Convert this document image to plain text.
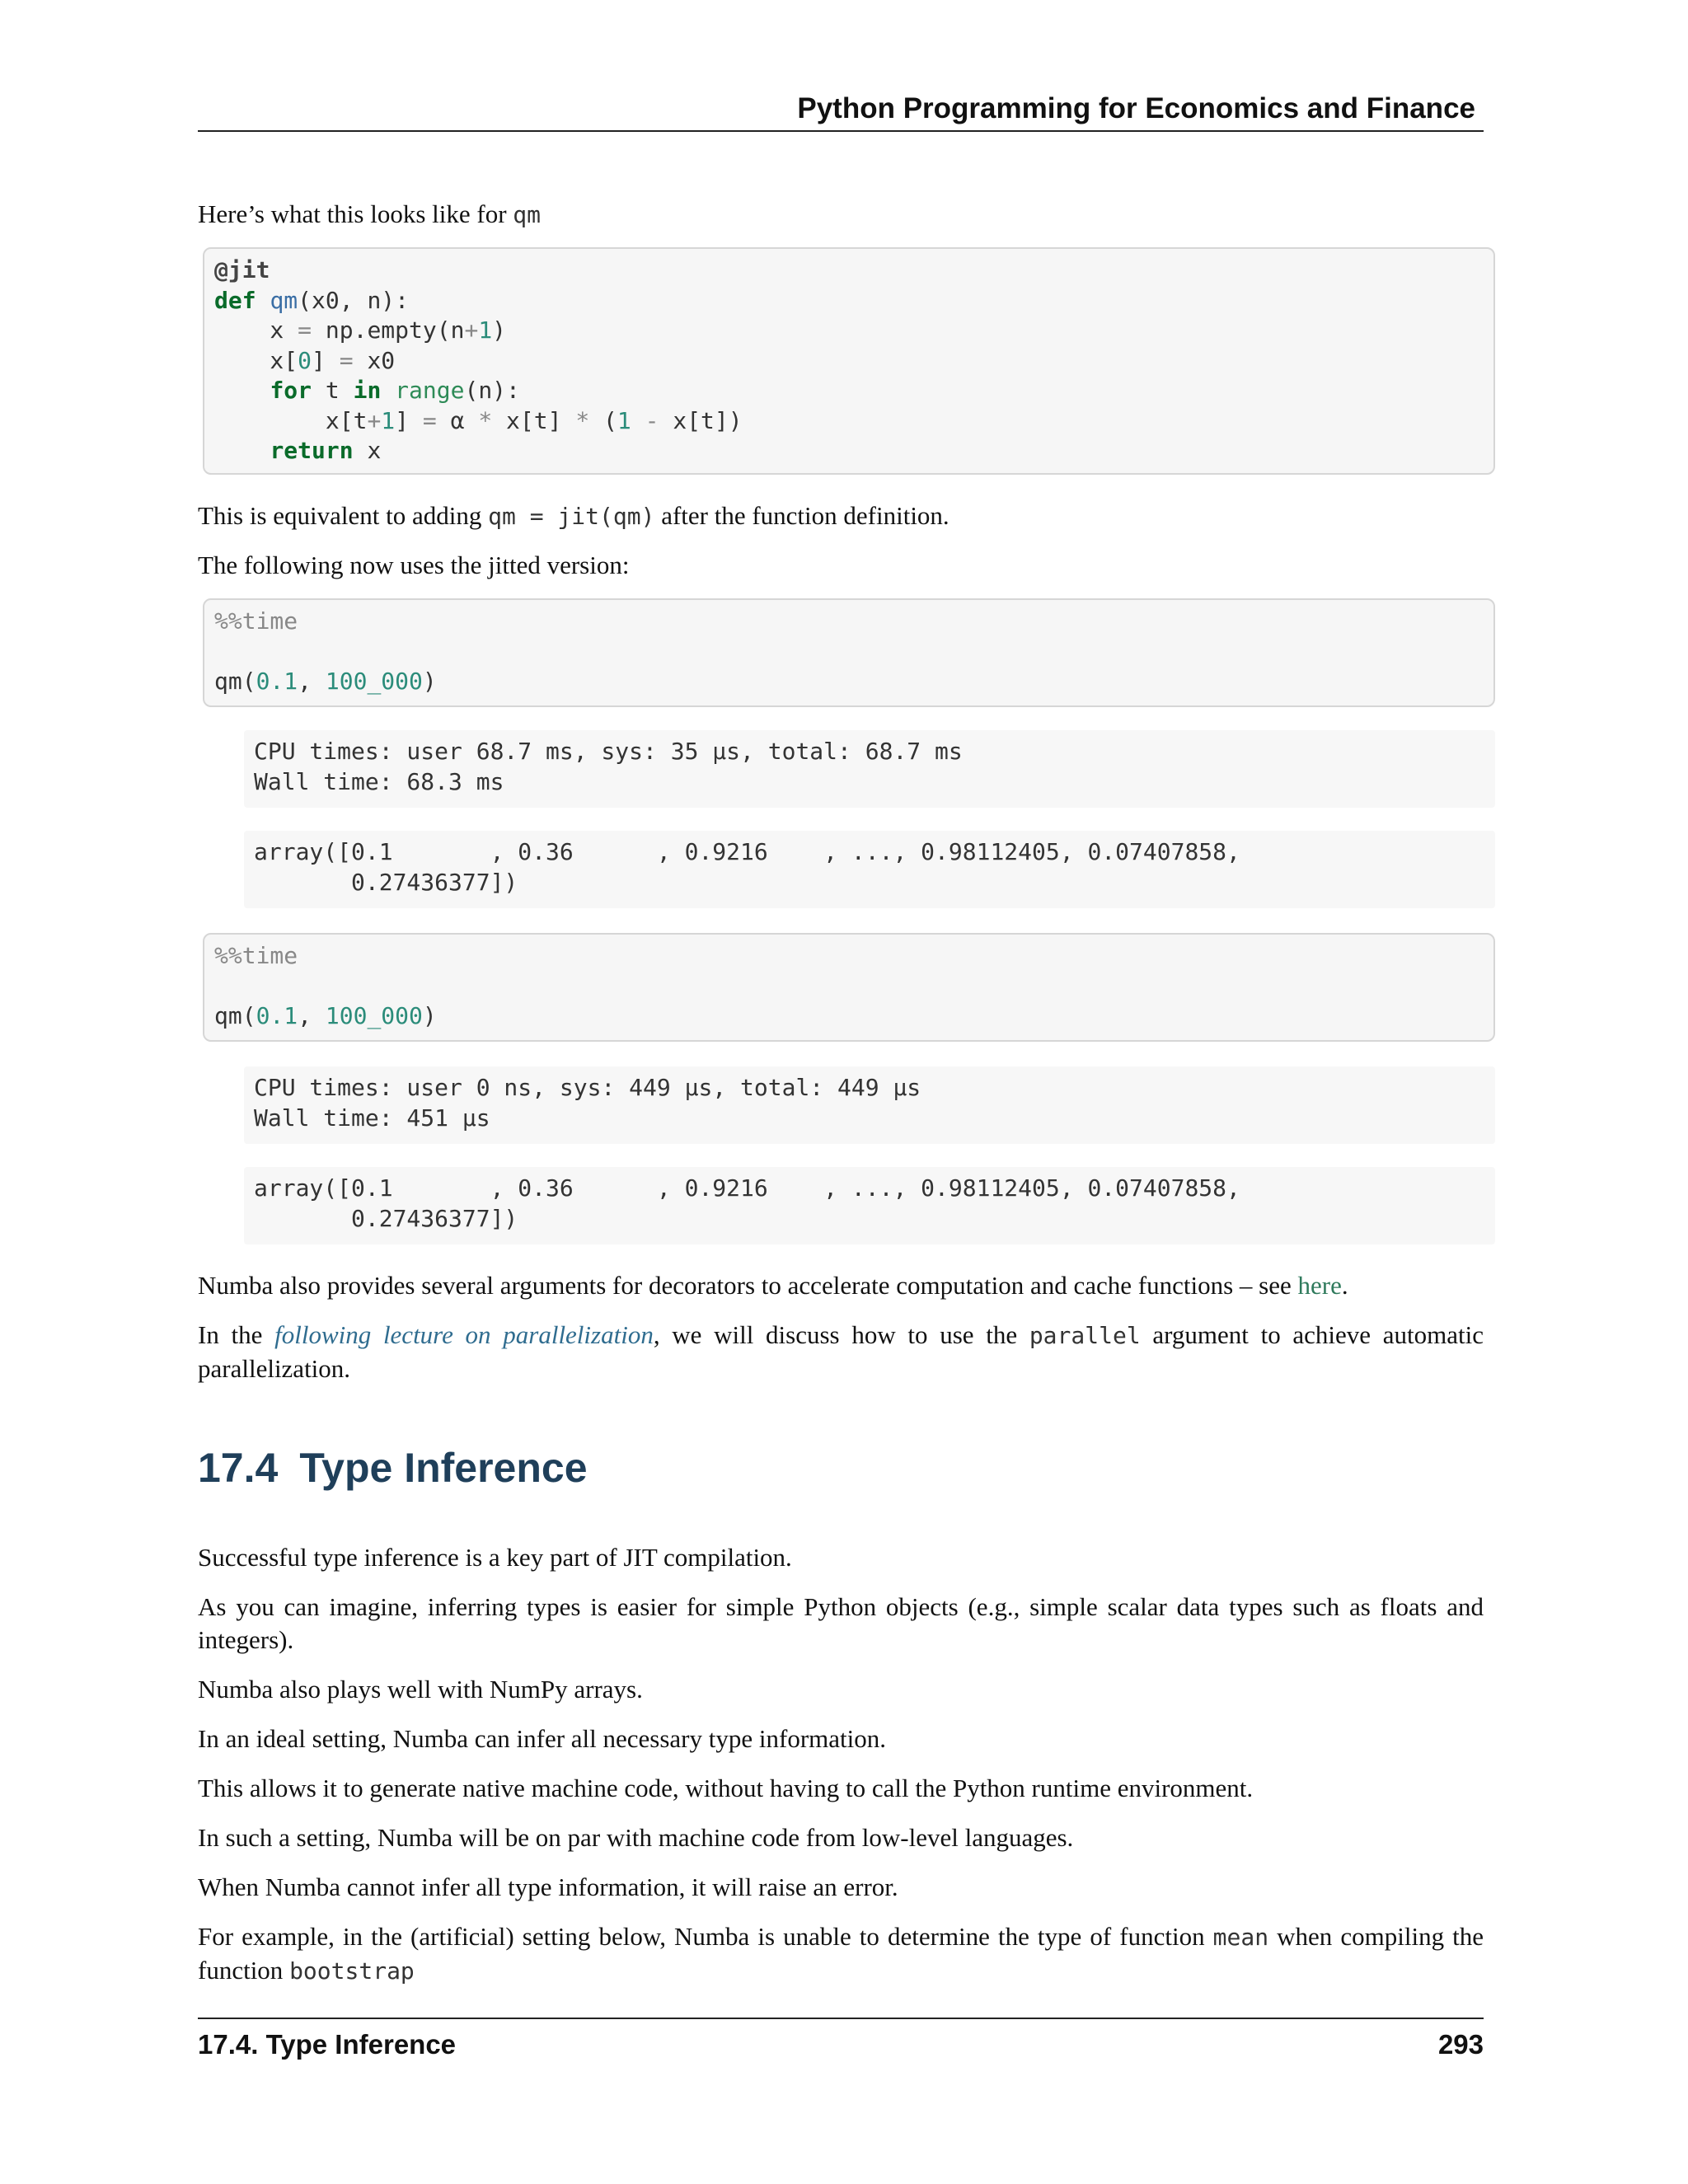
Python Programming for Economics and Finance
Here’s what this looks like for qm
@jit
def qm(x0, n):
x = np.empty(n+1)
x[0] = x0
for t in range(n):
x[t+1] = α * x[t] * (1 - x[t])
return x
This is equivalent to adding qm = jit(qm) after the function definition.
The following now uses the jitted version:
%%time
qm(0.1, 100_000)
CPU times: user 68.7 ms, sys: 35 µs, total: 68.7 ms
Wall time: 68.3 ms
array([0.1       , 0.36      , 0.9216    , ..., 0.98112405, 0.07407858,
0.27436377])
%%time
qm(0.1, 100_000)
CPU times: user 0 ns, sys: 449 µs, total: 449 µs
Wall time: 451 µs
array([0.1       , 0.36      , 0.9216    , ..., 0.98112405, 0.07407858,
0.27436377])
Numba also provides several arguments for decorators to accelerate computation and cache functions – see here.
In the following lecture on parallelization, we will discuss how to use the parallel argument to achieve automatic parallelization.
17.4 Type Inference
Successful type inference is a key part of JIT compilation.
As you can imagine, inferring types is easier for simple Python objects (e.g., simple scalar data types such as floats and integers).
Numba also plays well with NumPy arrays.
In an ideal setting, Numba can infer all necessary type information.
This allows it to generate native machine code, without having to call the Python runtime environment.
In such a setting, Numba will be on par with machine code from low-level languages.
When Numba cannot infer all type information, it will raise an error.
For example, in the (artificial) setting below, Numba is unable to determine the type of function mean when compiling the function bootstrap
17.4. Type Inference	293
